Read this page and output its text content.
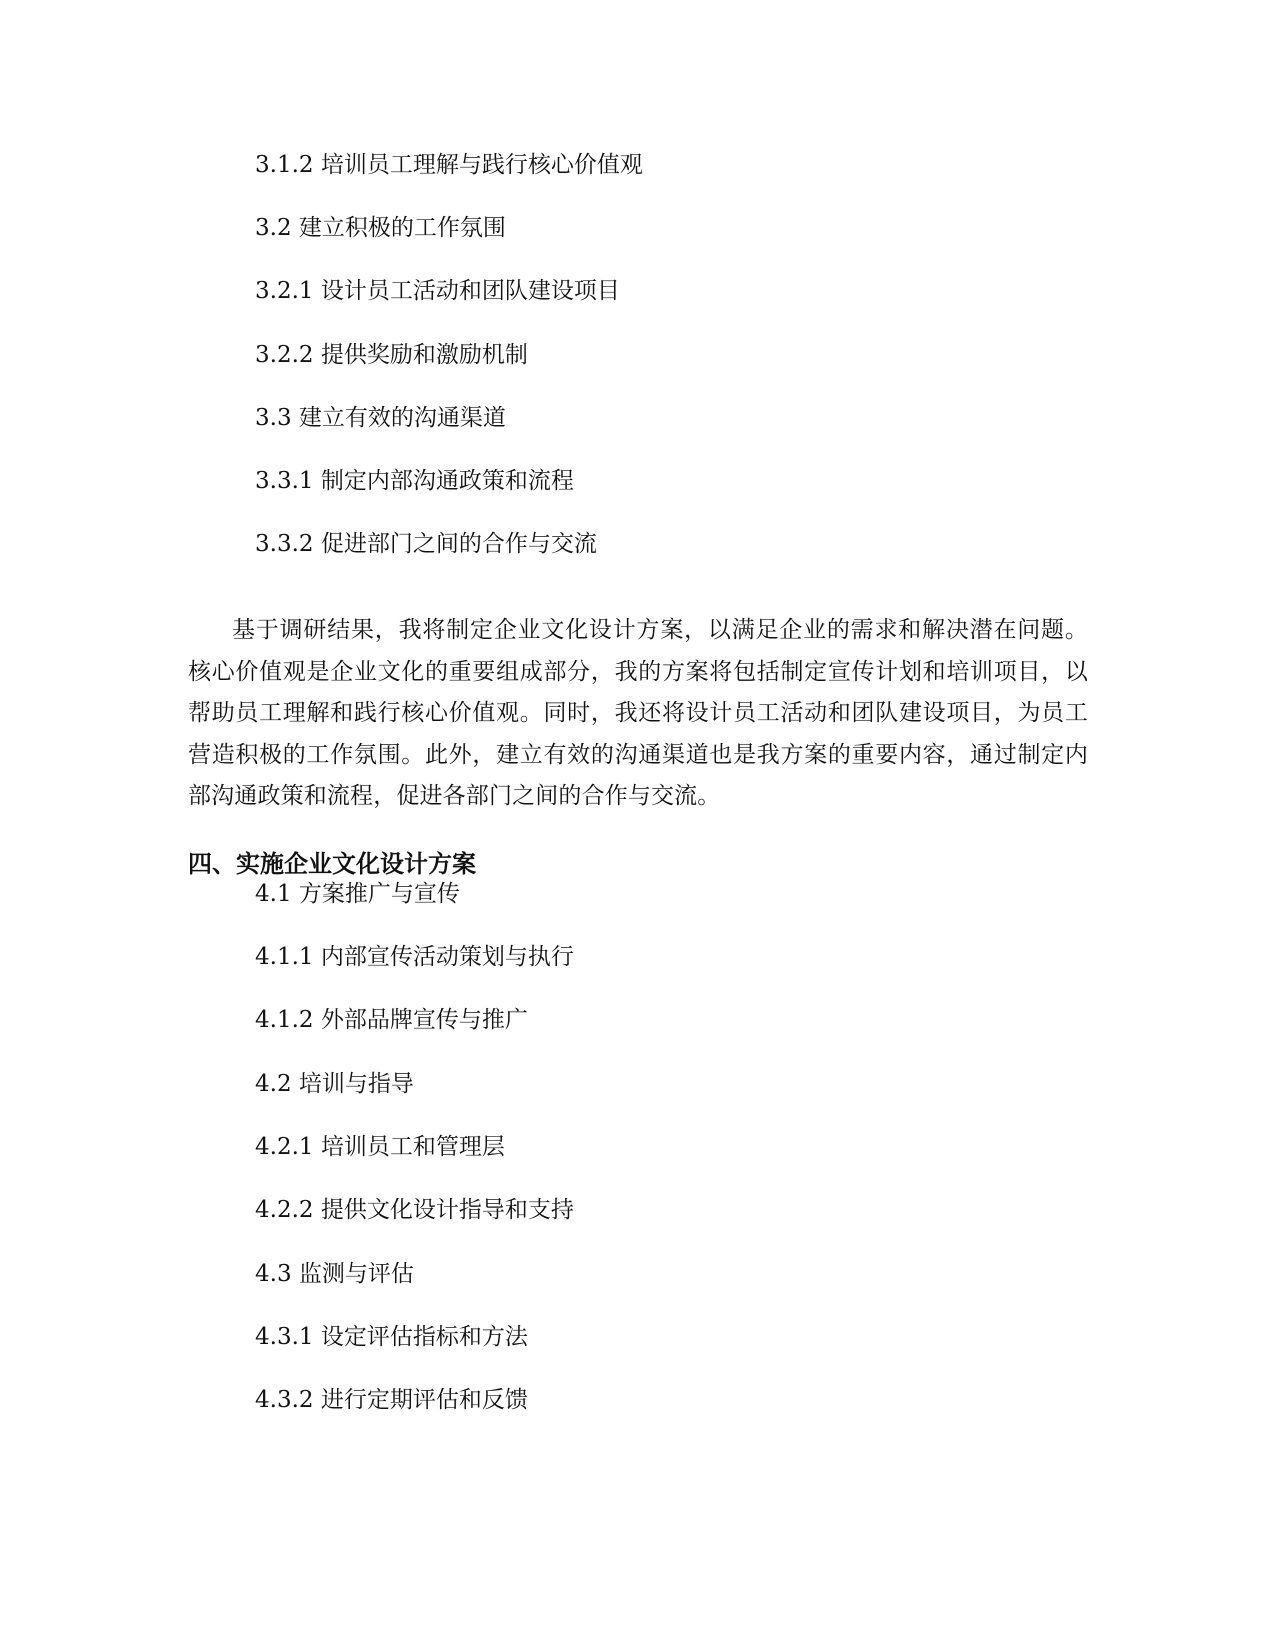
3.1.2 培训员工理解与践行核心价值观
3.2 建立积极的工作氛围
3.2.1 设计员工活动和团队建设项目
3.2.2 提供奖励和激励机制
3.3 建立有效的沟通渠道
3.3.1 制定内部沟通政策和流程
3.3.2 促进部门之间的合作与交流

基于调研结果，我将制定企业文化设计方案，以满足企业的需求和解决潜在问题。核心价值观是企业文化的重要组成部分，我的方案将包括制定宣传计划和培训项目，以帮助员工理解和践行核心价值观。同时，我还将设计员工活动和团队建设项目，为员工营造积极的工作氛围。此外，建立有效的沟通渠道也是我方案的重要内容，通过制定内部沟通政策和流程，促进各部门之间的合作与交流。

四、实施企业文化设计方案
4.1 方案推广与宣传
4.1.1 内部宣传活动策划与执行
4.1.2 外部品牌宣传与推广
4.2 培训与指导
4.2.1 培训员工和管理层
4.2.2 提供文化设计指导和支持
4.3 监测与评估
4.3.1 设定评估指标和方法
4.3.2 进行定期评估和反馈
